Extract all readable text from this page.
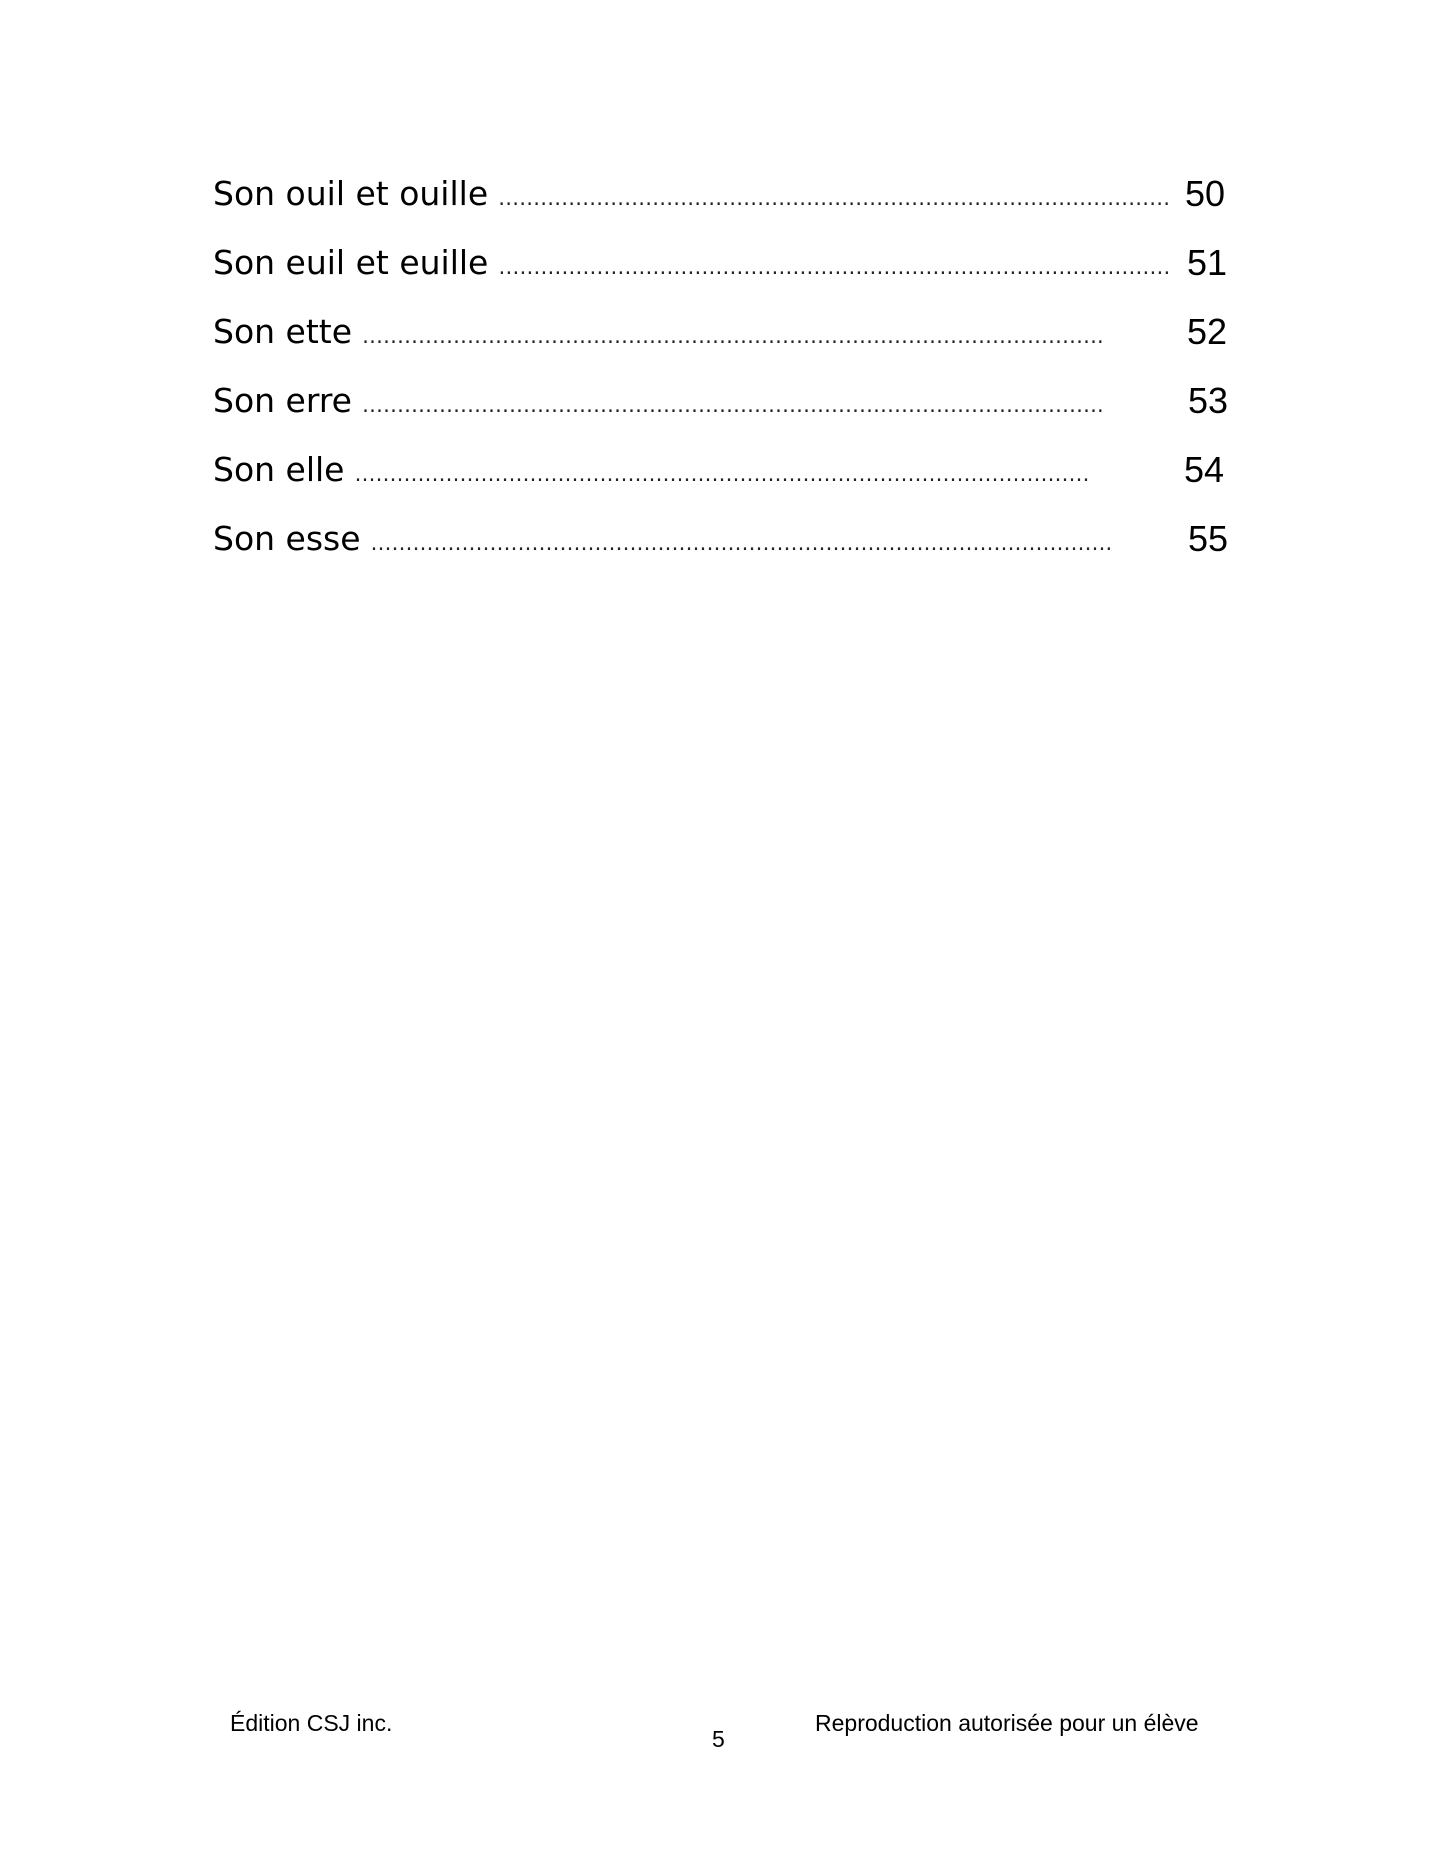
Son ouil et ouille …………………………………………………………………………………… 50
Son euil et euille …………………………………………………………………………………… 51
Son ette …………………………………………………………………………………………….	52
Son erre …………………………………………………………………………………………….	53
Son elle ……………………………………………………………………………………………	54
Son esse …………………………………………………………………………………………….	55
Édition CSJ inc.
5
Reproduction autorisée pour un élève
